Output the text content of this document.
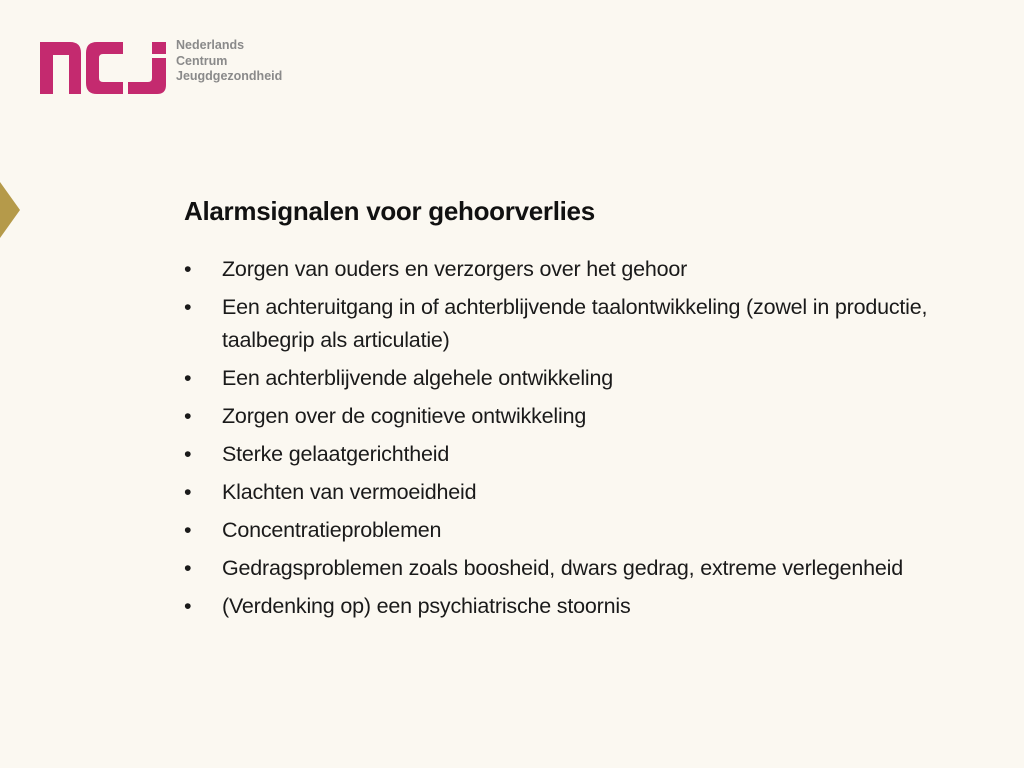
Nederlands
Centrum
Jeugdgezondheid
Alarmsignalen voor gehoorverlies
• Zorgen van ouders en verzorgers over het gehoor
• Een achteruitgang in of achterblijvende taalontwikkeling (zowel in productie, taalbegrip als articulatie)
• Een achterblijvende algehele ontwikkeling
• Zorgen over de cognitieve ontwikkeling
• Sterke gelaatgerichtheid
• Klachten van vermoeidheid
• Concentratieproblemen
• Gedragsproblemen zoals boosheid, dwars gedrag, extreme verlegenheid
• (Verdenking op) een psychiatrische stoornis
